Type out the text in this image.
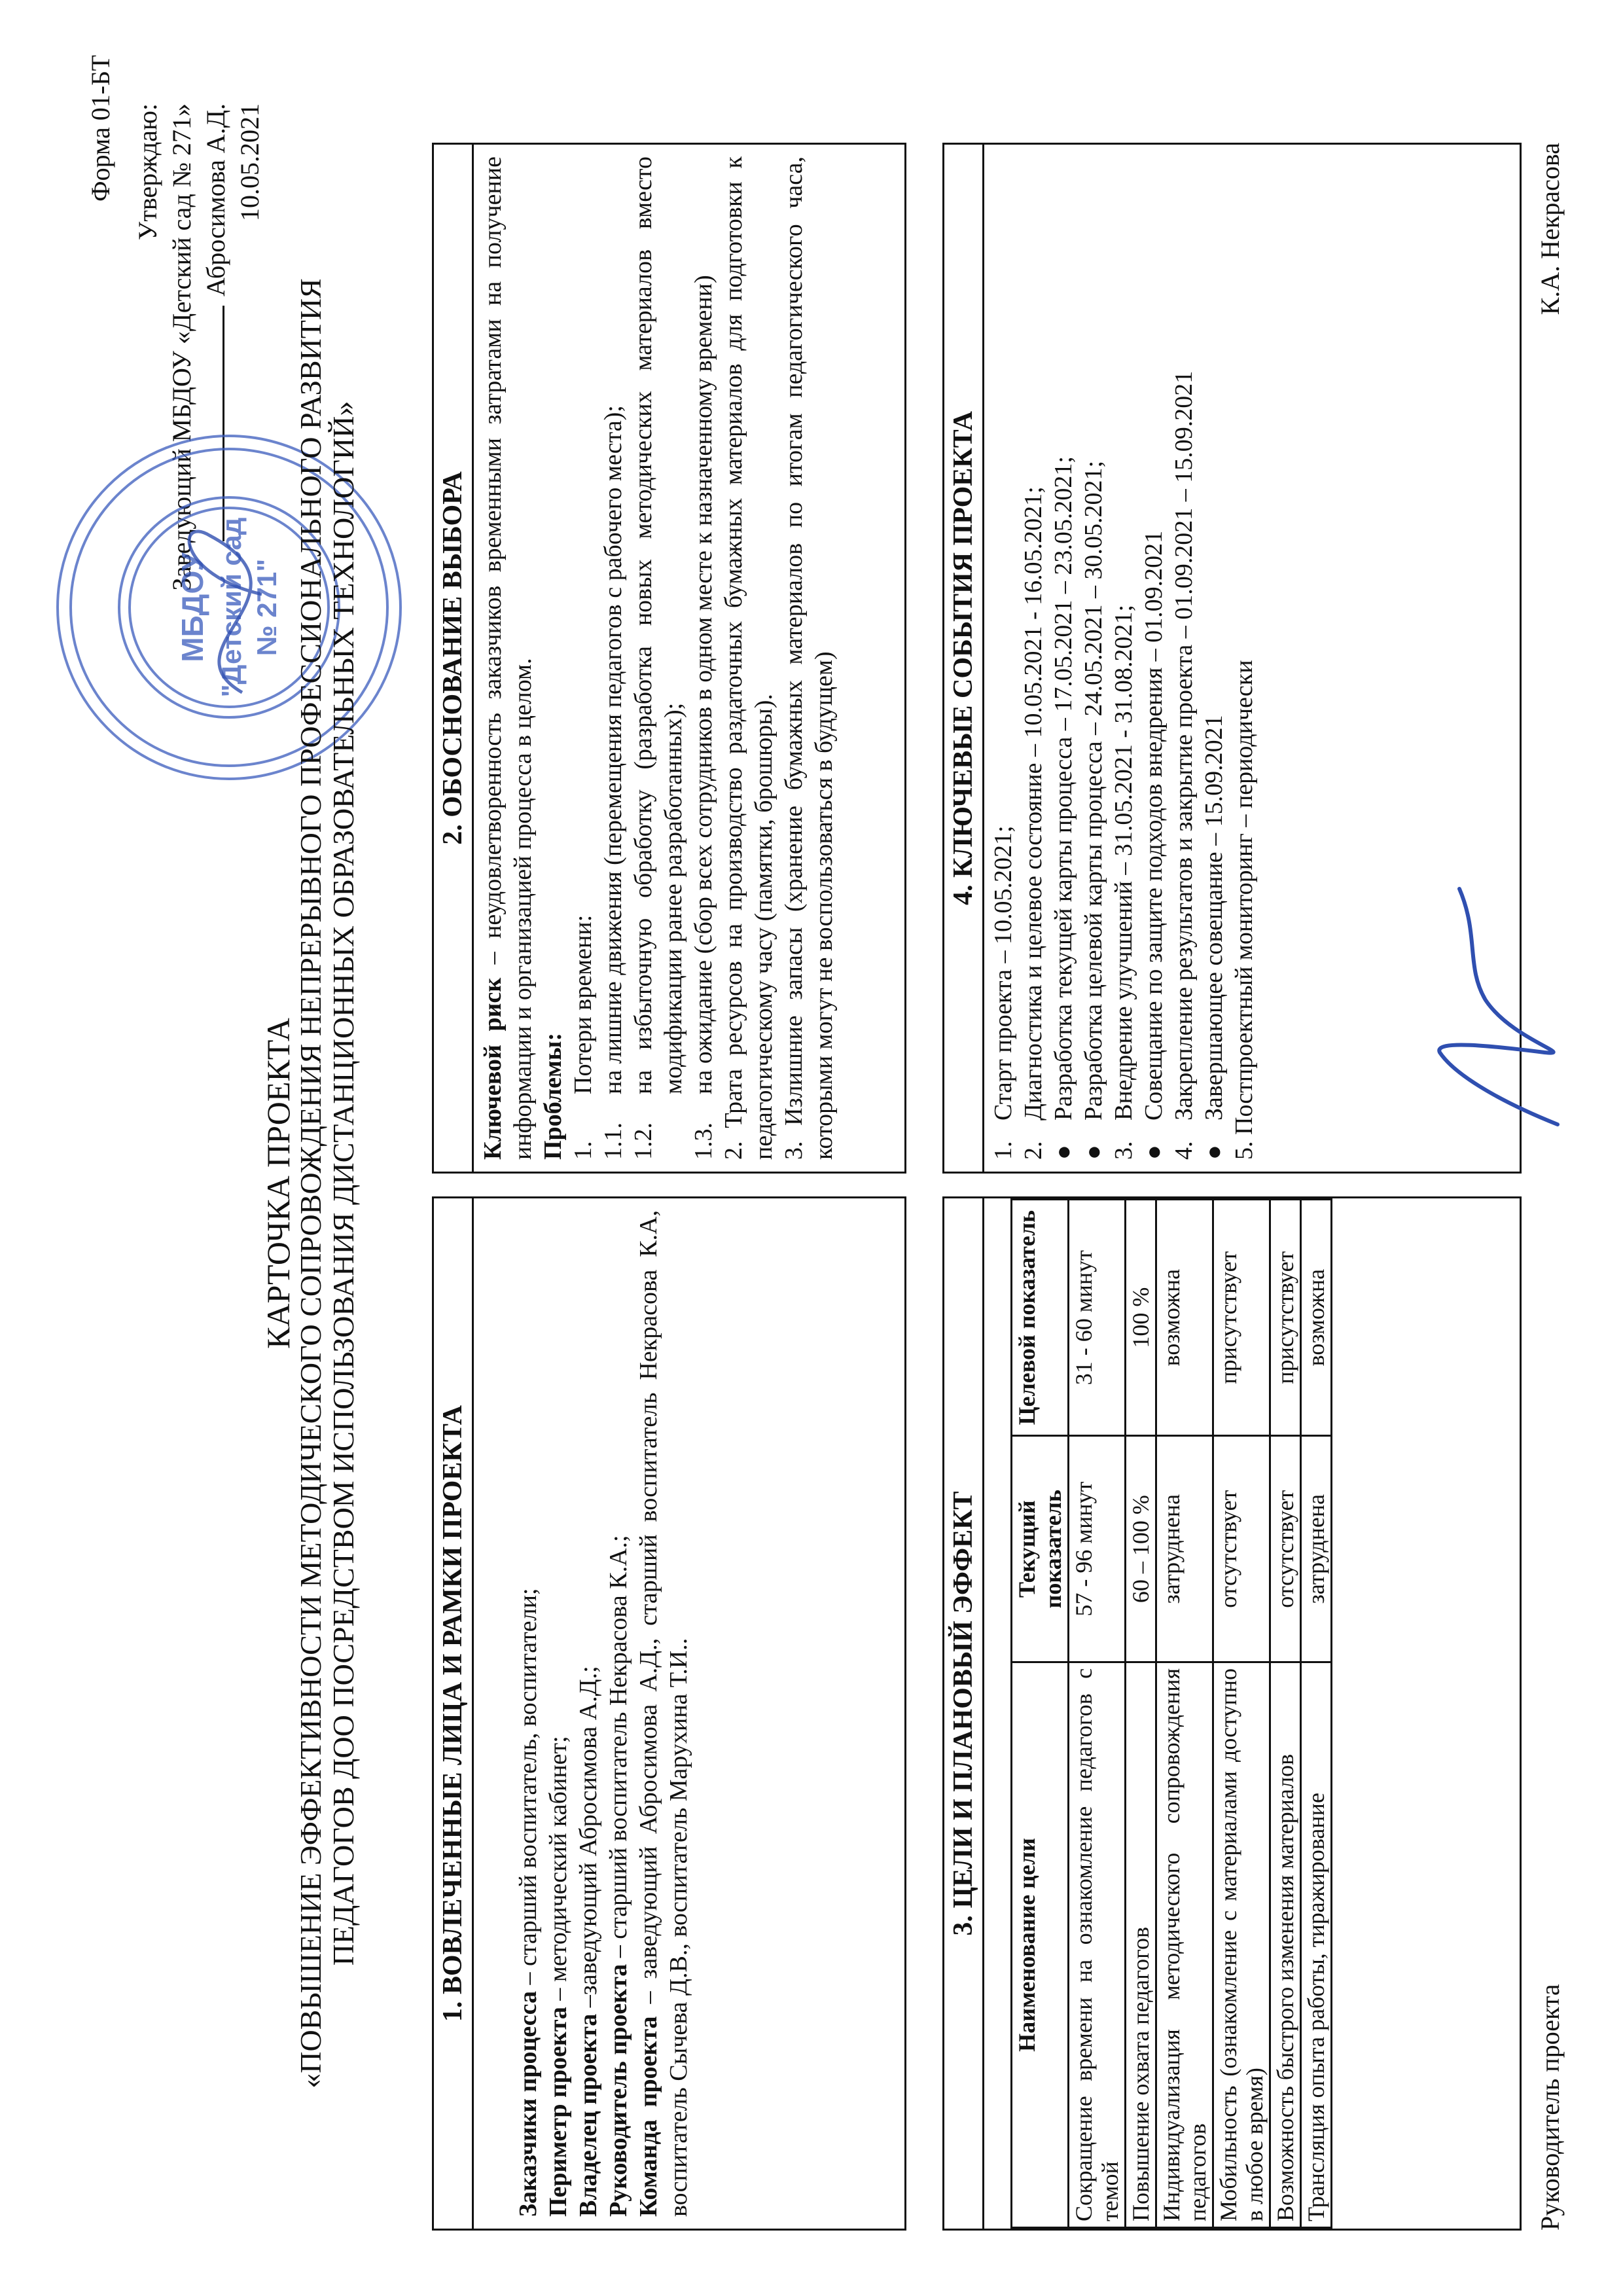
Форма 01-БТ Утверждаю: Заведующий МБДОУ «Детский сад № 271» Абросимова А.Д. 10.05.2021
МБДОУ "Детский сад № 271"

КАРТОЧКА ПРОЕКТА

«ПОВЫШЕНИЕ ЭФФЕКТИВНОСТИ МЕТОДИЧЕСКОГО СОПРОВОЖДЕНИЯ НЕПРЕРЫВНОГО ПРОФЕССИОНАЛЬНОГО РАЗВИТИЯ ПЕДАГОГОВ ДОО ПОСРЕДСТВОМ ИСПОЛЬЗОВАНИЯ ДИСТАНЦИОННЫХ ОБРАЗОВАТЕЛЬНЫХ ТЕХНОЛОГИЙ»	1. ВОВЛЕЧЕННЫЕ ЛИЦА И РАМКИ ПРОЕКТА

Заказчики процесса – старший воспитатель, воспитатели;

Периметр проекта – методический кабинет;

Владелец проекта –заведующий Абросимова А.Д.;

Руководитель проекта – старший воспитатель Некрасова К.А.;

Команда проекта – заведующий Абросимова А.Д., старший воспитатель Некрасова К.А, воспитатель Сычева Д.В., воспитатель Марухина Т.И..

2. ОБОСНОВАНИЕ ВЫБОРА

Ключевой риск – неудовлетворенность заказчиков временными затратами на получение информации и организацией процесса в целом. Проблемы: 1.
Потери времени:
1.1.
на лишние движения (перемещения педагогов с рабочего места);
1.2.
на избыточную обработку (разработка новых методических материалов вместо модификации ранее разработанных);
1.3.
на ожидание (сбор всех сотрудников в одном месте к назначенному времени) 2. Трата ресурсов на производство раздаточных бумажных материалов для подготовки к педагогическому часу (памятки, брошюры). 3. Излишние запасы (хранение бумажных материалов по итогам педагогического часа, которыми могут не воспользоваться в будущем)

3. ЦЕЛИ И ПЛАНОВЫЙ ЭФФЕКТ
Наименование цели	Текущий показатель	Целевой показатель
Сокращение времени на ознакомление педагогов с темой	57 - 96 минут	31 - 60 минут
Повышение охвата педагогов	60 – 100 %	100 %
Индивидуализация методического сопровождения педагогов	затруднена	возможна
Мобильность (ознакомление с материалами доступно в любое время)	отсутствует	присутствует
Возможность быстрого изменения материалов	отсутствует	присутствует
Трансляция опыта работы, тиражирование	затруднена	возможна
4. КЛЮЧЕВЫЕ СОБЫТИЯ ПРОЕКТА
1.
Старт проекта – 10.05.2021;
2.
Диагностика и целевое состояние – 10.05.2021 - 16.05.2021;
●
Разработка текущей карты процесса – 17.05.2021 – 23.05.2021;
●
Разработка целевой карты процесса – 24.05.2021 – 30.05.2021;
3.
Внедрение улучшений – 31.05.2021 - 31.08.2021;
●
Совещание по защите подходов внедрения – 01.09.2021
4.
Закрепление результатов и закрытие проекта – 01.09.2021 – 15.09.2021
●
Завершающее совещание – 15.09.2021 5. Постпроектный мониторинг – периодически
Руководитель проекта
К.А. Некрасова
